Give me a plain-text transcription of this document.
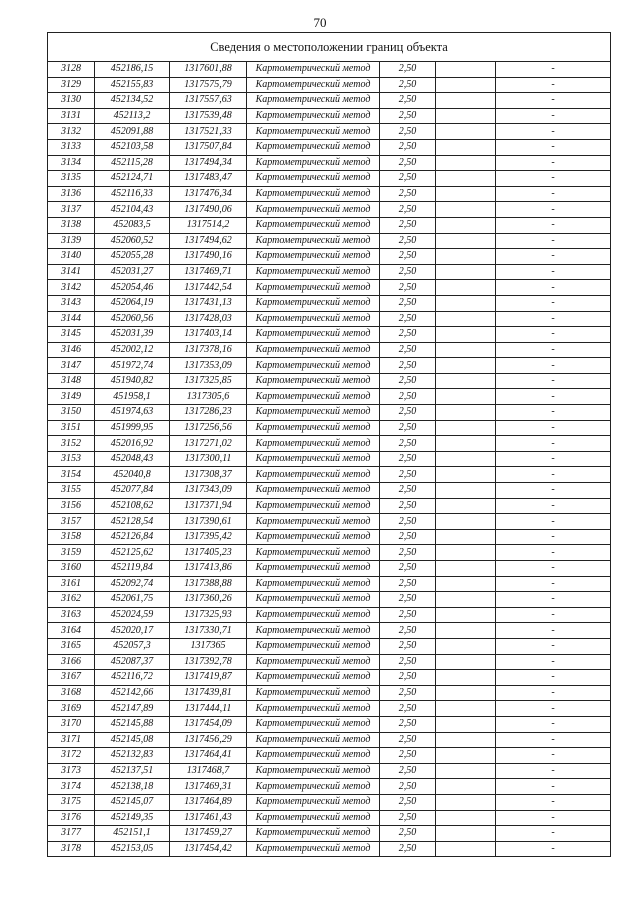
70
Сведения о местоположении границ объекта						
3128	452186,15	1317601,88	Картометрический метод	2,50		-
3129	452155,83	1317575,79	Картометрический метод	2,50		-
3130	452134,52	1317557,63	Картометрический метод	2,50		-
3131	452113,2	1317539,48	Картометрический метод	2,50		-
3132	452091,88	1317521,33	Картометрический метод	2,50		-
3133	452103,58	1317507,84	Картометрический метод	2,50		-
3134	452115,28	1317494,34	Картометрический метод	2,50		-
3135	452124,71	1317483,47	Картометрический метод	2,50		-
3136	452116,33	1317476,34	Картометрический метод	2,50		-
3137	452104,43	1317490,06	Картометрический метод	2,50		-
3138	452083,5	1317514,2	Картометрический метод	2,50		-
3139	452060,52	1317494,62	Картометрический метод	2,50		-
3140	452055,28	1317490,16	Картометрический метод	2,50		-
3141	452031,27	1317469,71	Картометрический метод	2,50		-
3142	452054,46	1317442,54	Картометрический метод	2,50		-
3143	452064,19	1317431,13	Картометрический метод	2,50		-
3144	452060,56	1317428,03	Картометрический метод	2,50		-
3145	452031,39	1317403,14	Картометрический метод	2,50		-
3146	452002,12	1317378,16	Картометрический метод	2,50		-
3147	451972,74	1317353,09	Картометрический метод	2,50		-
3148	451940,82	1317325,85	Картометрический метод	2,50		-
3149	451958,1	1317305,6	Картометрический метод	2,50		-
3150	451974,63	1317286,23	Картометрический метод	2,50		-
3151	451999,95	1317256,56	Картометрический метод	2,50		-
3152	452016,92	1317271,02	Картометрический метод	2,50		-
3153	452048,43	1317300,11	Картометрический метод	2,50		-
3154	452040,8	1317308,37	Картометрический метод	2,50		-
3155	452077,84	1317343,09	Картометрический метод	2,50		-
3156	452108,62	1317371,94	Картометрический метод	2,50		-
3157	452128,54	1317390,61	Картометрический метод	2,50		-
3158	452126,84	1317395,42	Картометрический метод	2,50		-
3159	452125,62	1317405,23	Картометрический метод	2,50		-
3160	452119,84	1317413,86	Картометрический метод	2,50		-
3161	452092,74	1317388,88	Картометрический метод	2,50		-
3162	452061,75	1317360,26	Картометрический метод	2,50		-
3163	452024,59	1317325,93	Картометрический метод	2,50		-
3164	452020,17	1317330,71	Картометрический метод	2,50		-
3165	452057,3	1317365	Картометрический метод	2,50		-
3166	452087,37	1317392,78	Картометрический метод	2,50		-
3167	452116,72	1317419,87	Картометрический метод	2,50		-
3168	452142,66	1317439,81	Картометрический метод	2,50		-
3169	452147,89	1317444,11	Картометрический метод	2,50		-
3170	452145,88	1317454,09	Картометрический метод	2,50		-
3171	452145,08	1317456,29	Картометрический метод	2,50		-
3172	452132,83	1317464,41	Картометрический метод	2,50		-
3173	452137,51	1317468,7	Картометрический метод	2,50		-
3174	452138,18	1317469,31	Картометрический метод	2,50		-
3175	452145,07	1317464,89	Картометрический метод	2,50		-
3176	452149,35	1317461,43	Картометрический метод	2,50		-
3177	452151,1	1317459,27	Картометрический метод	2,50		-
3178	452153,05	1317454,42	Картометрический метод	2,50		-
